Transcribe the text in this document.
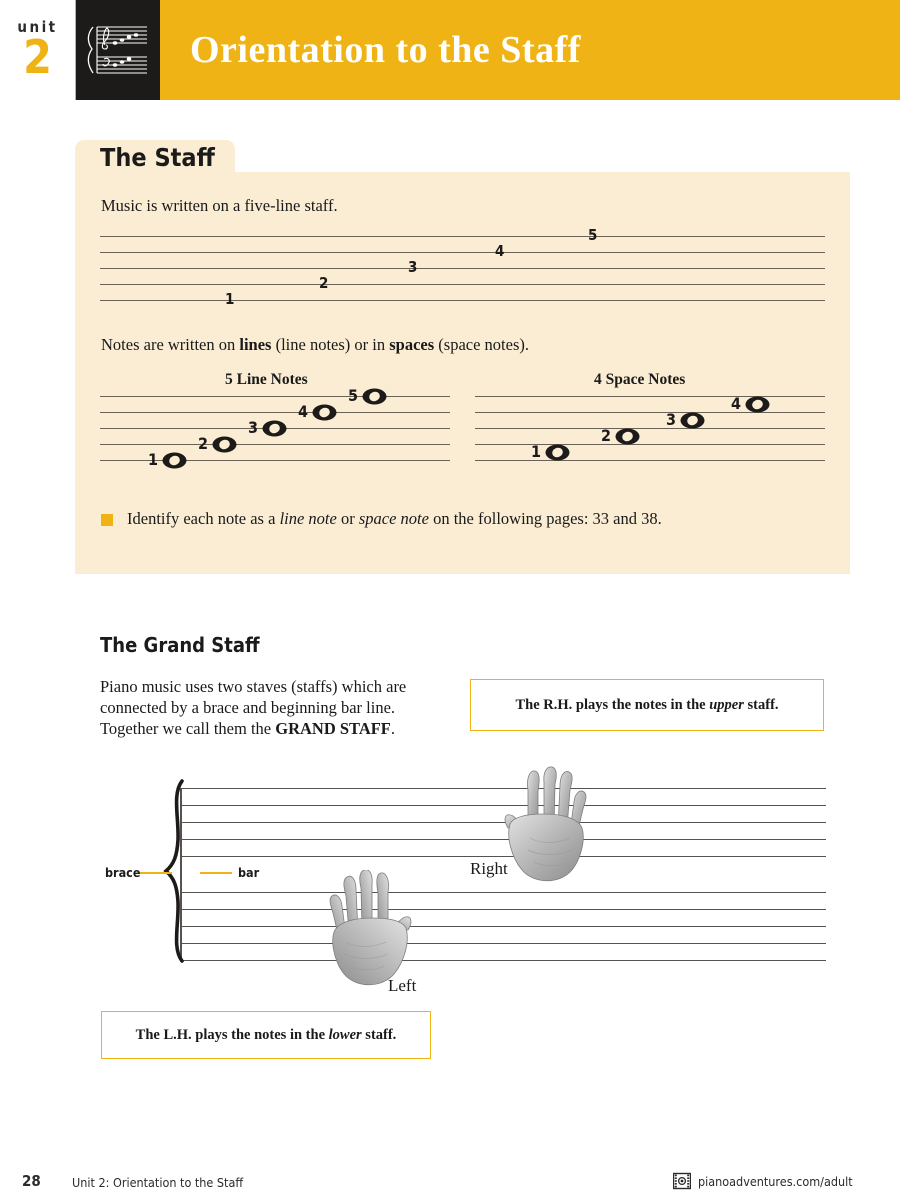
unit
2	Orientation to the Staff
The Staff
Music is written on a five-line staff.
1
2
3
4
5
Notes are written on lines (line notes) or in spaces (space notes).
5 Line Notes
1
2
3
4
5
4 Space Notes
1
2
3
4
Identify each note as a line note or space note on the following pages: 33 and 38.
The Grand Staff
Piano music uses two staves (staffs) which are connected by a brace and beginning bar line. Together we call them the GRAND STAFF.
The R.H. plays the notes in the upper staff.
The L.H. plays the notes in the lower staff.
brace	bar	Right
Left
28 Unit 2: Orientation to the Staff	pianoadventures.com/adult
